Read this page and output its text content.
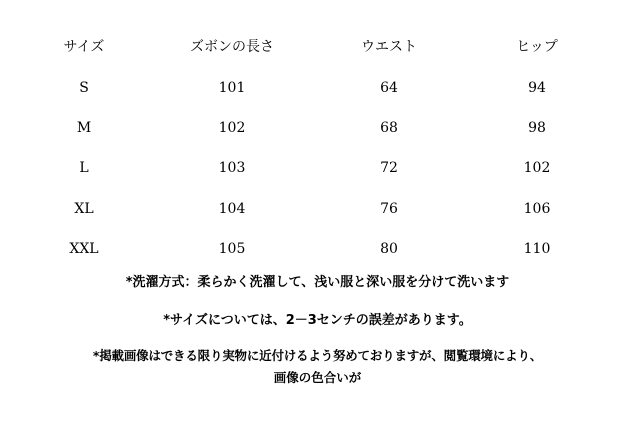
サイズ	ズボンの長さ	ウエスト	ヒップ
S	101	64	94
M	102	68	98
L	103	72	102
XL	104	76	106
XXL	105	80	110
*洗濯方式：柔らかく洗濯して、浅い服と深い服を分けて洗います
*サイズについては、2－3センチの誤差があります。
*掲載画像はできる限り実物に近付けるよう努めておりますが、閲覧環境により、
画像の色合いが
